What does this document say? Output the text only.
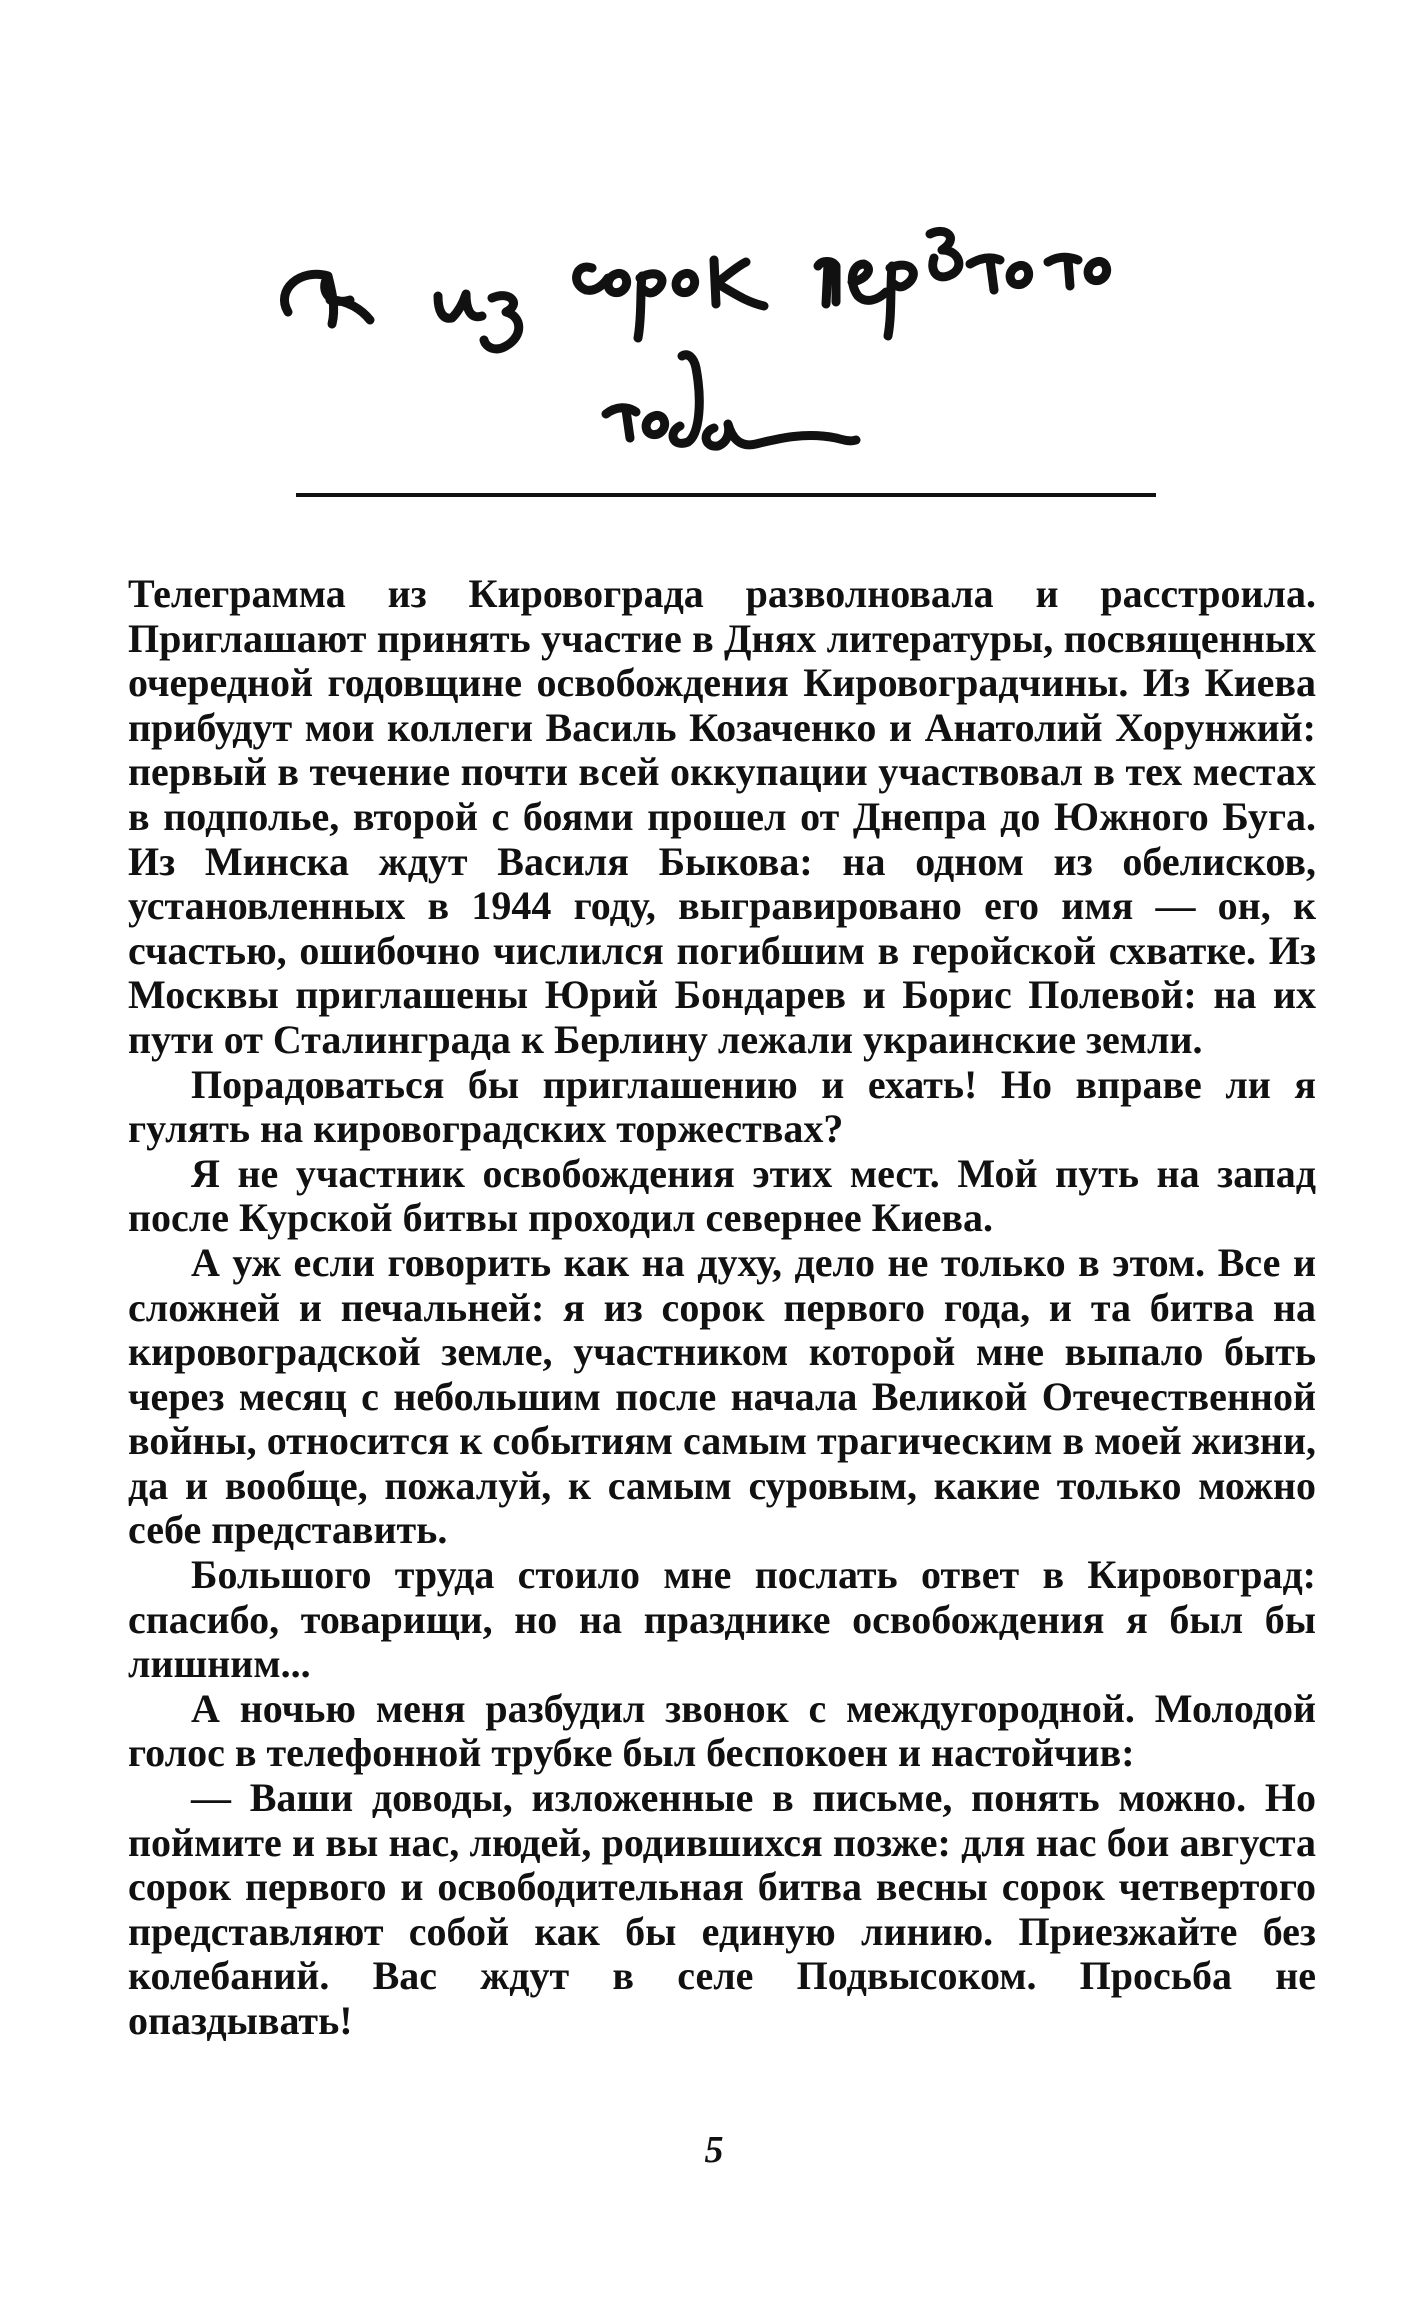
Телеграмма из Кировограда разволновала и расстроила. Приглашают принять участие в Днях литературы, посвященных очередной годовщине освобождения Кировоградчины. Из Киева прибудут мои коллеги Василь Козаченко и Анатолий Хорунжий: первый в течение почти всей оккупации участвовал в тех местах в подполье, второй с боями прошел от Днепра до Южного Буга. Из Минска ждут Василя Быкова: на одном из обелисков, установленных в 1944 году, выгравировано его имя — он, к счастью, ошибочно числился погибшим в геройской схватке. Из Москвы приглашены Юрий Бондарев и Борис Полевой: на их пути от Сталинграда к Берлину лежали украинские земли.

Порадоваться бы приглашению и ехать! Но вправе ли я гулять на кировоградских торжествах?

Я не участник освобождения этих мест. Мой путь на запад после Курской битвы проходил севернее Киева.

А уж если говорить как на духу, дело не только в этом. Все и сложней и печальней: я из сорок первого года, и та битва на кировоградской земле, участником которой мне выпало быть через месяц с небольшим после начала Великой Отечественной войны, относится к событиям самым трагическим в моей жизни, да и вообще, пожалуй, к самым суровым, какие только можно себе представить.

Большого труда стоило мне послать ответ в Кировоград: спасибо, товарищи, но на празднике освобождения я был бы лишним...

А ночью меня разбудил звонок с междугородной. Молодой голос в телефонной трубке был беспокоен и настойчив:

— Ваши доводы, изложенные в письме, понять можно. Но поймите и вы нас, людей, родившихся позже: для нас бои августа сорок первого и освободительная битва весны сорок четвертого представляют собой как бы единую линию. Приезжайте без колебаний. Вас ждут в селе Подвысоком. Просьба не опаздывать!

5
